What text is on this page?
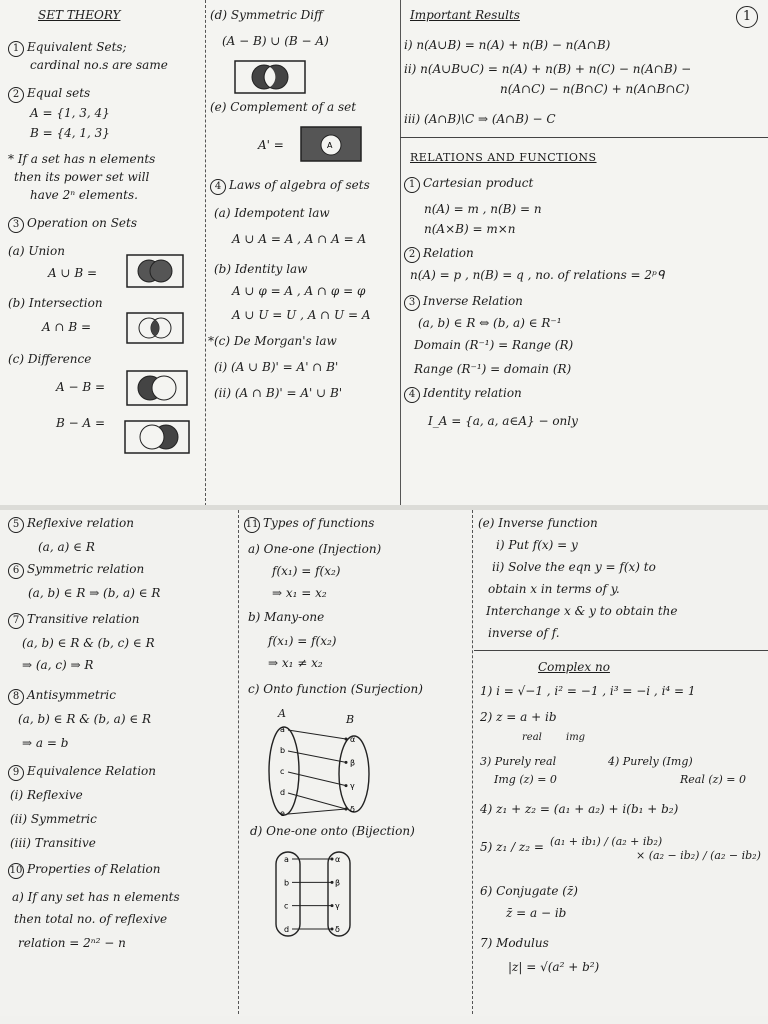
1
SET THEORY
1 Equivalent Sets;
cardinal no.s are same
2 Equal sets
A = {1, 3, 4}
B = {4, 1, 3}
* If a set has n elements
then its power set will
have 2ⁿ elements.
3 Operation on Sets
(a) Union
A ∪ B =
(b) Intersection
A ∩ B =
(c) Difference
A − B =
B − A =
(d) Symmetric Diff
(A − B) ∪ (B − A)
(e) Complement of a set
A' =
4 Laws of algebra of sets
(a) Idempotent law
A ∪ A = A , A ∩ A = A
(b) Identity law
A ∪ φ = A , A ∩ φ = φ
A ∪ U = U , A ∩ U = A
*(c) De Morgan's law
(i) (A ∪ B)' = A' ∩ B'
(ii) (A ∩ B)' = A' ∪ B'
A
Important Results
i) n(A∪B) = n(A) + n(B) − n(A∩B)
ii) n(A∪B∪C) = n(A) + n(B) + n(C) − n(A∩B) −
n(A∩C) − n(B∩C) + n(A∩B∩C)
iii) (A∩B)\C ⇒ (A∩B) − C
RELATIONS AND FUNCTIONS
1 Cartesian product
n(A) = m , n(B) = n
n(A×B) = m×n
2 Relation
n(A) = p , n(B) = q , no. of relations = 2ᵖᑫ
3 Inverse Relation
(a, b) ∈ R ⇔ (b, a) ∈ R⁻¹
Domain (R⁻¹) = Range (R)
Range (R⁻¹) = domain (R)
4 Identity relation
I_A = {a, a, a∈A} − only
5 Reflexive relation
(a, a) ∈ R
6 Symmetric relation
(a, b) ∈ R ⇒ (b, a) ∈ R
7 Transitive relation
(a, b) ∈ R & (b, c) ∈ R
⇒ (a, c) ⇒ R
8 Antisymmetric
(a, b) ∈ R & (b, a) ∈ R
⇒ a = b
9 Equivalence Relation
(i) Reflexive
(ii) Symmetric
(iii) Transitive
10 Properties of Relation
a) If any set has n elements
then total no. of reflexive
relation = 2ⁿ² − n
11 Types of functions
a) One-one (Injection)
f(x₁) = f(x₂)
⇒ x₁ = x₂
b) Many-one
f(x₁) = f(x₂)
⇒ x₁ ≠ x₂
c) Onto function (Surjection)
A	B
d) One-one onto (Bijection)
a
b
c
d
e
α
β
γ
δ
a	α
b	β
c	γ
d	δ
(e) Inverse function
i) Put f(x) = y
ii) Solve the eqn y = f(x) to
obtain x in terms of y.
Interchange x & y to obtain the
inverse of f.
Complex no
1) i = √−1 , i² = −1 , i³ = −i , i⁴ = 1
2) z = a + ib
real img
3) Purely real
Img (z) = 0
4) Purely (Img)
Real (z) = 0
4) z₁ + z₂ = (a₁ + a₂) + i(b₁ + b₂)
5) z₁ / z₂ = (a₁ + ib₁) / (a₂ + ib₂)
× (a₂ − ib₂) / (a₂ − ib₂)
6) Conjugate (z̄)
z̄ = a − ib
7) Modulus
|z| = √(a² + b²)
